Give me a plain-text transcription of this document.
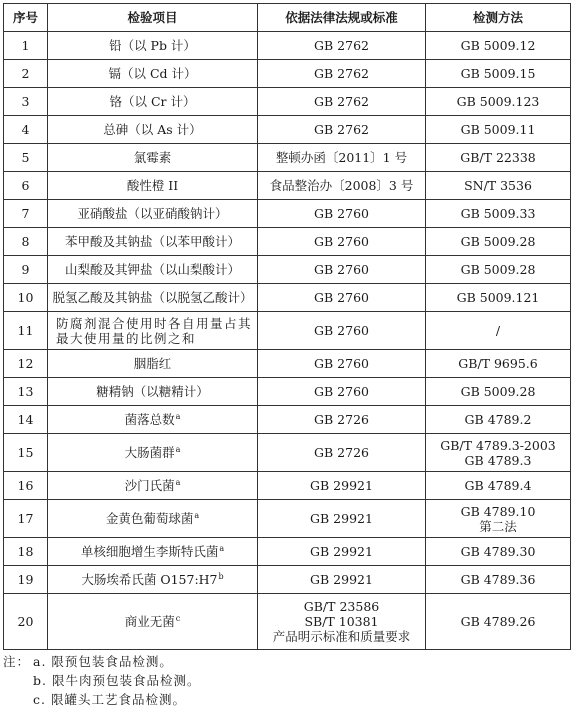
序号	检验项目	依据法律法规或标准	检测方法
1	铅（以 Pb 计）	GB 2762	GB 5009.12

2	镉（以 Cd 计）	GB 2762	GB 5009.15

3	铬（以 Cr 计）	GB 2762	GB 5009.123

4	总砷（以 As 计）	GB 2762	GB 5009.11

5	氯霉素	整顿办函〔2011〕1 号	GB/T 22338

6	酸性橙 II	食品整治办〔2008〕3 号	SN/T 3536

7	亚硝酸盐（以亚硝酸钠计）	GB 2760	GB 5009.33

8	苯甲酸及其钠盐（以苯甲酸计）	GB 2760	GB 5009.28

9	山梨酸及其钾盐（以山梨酸计）	GB 2760	GB 5009.28

10	脱氢乙酸及其钠盐（以脱氢乙酸计）	GB 2760	GB 5009.121

11	防腐剂混合使用时各自用量占其最大使用量的比例之和	GB 2760	/

12	胭脂红	GB 2760	GB/T 9695.6

13	糖精钠（以糖精计）	GB 2760	GB 5009.28

14	菌落总数$^a$	GB 2726	GB 4789.2

15	大肠菌群$^a$	GB 2726	GB/T 4789.3-2003
GB 4789.3

16	沙门氏菌$^a$	GB 29921	GB 4789.4

17	金黄色葡萄球菌$^a$	GB 29921	GB 4789.10
第二法

18	单核细胞增生李斯特氏菌$^a$	GB 29921	GB 4789.30

19	大肠埃希氏菌 O157:H7$^b$	GB 29921	GB 4789.36

20	商业无菌$^c$	GB/T 23586
SB/T 10381
产品明示标准和质量要求	GB 4789.26
注： a. 限预包装食品检测。
b. 限牛肉预包装食品检测。
c. 限罐头工艺食品检测。
